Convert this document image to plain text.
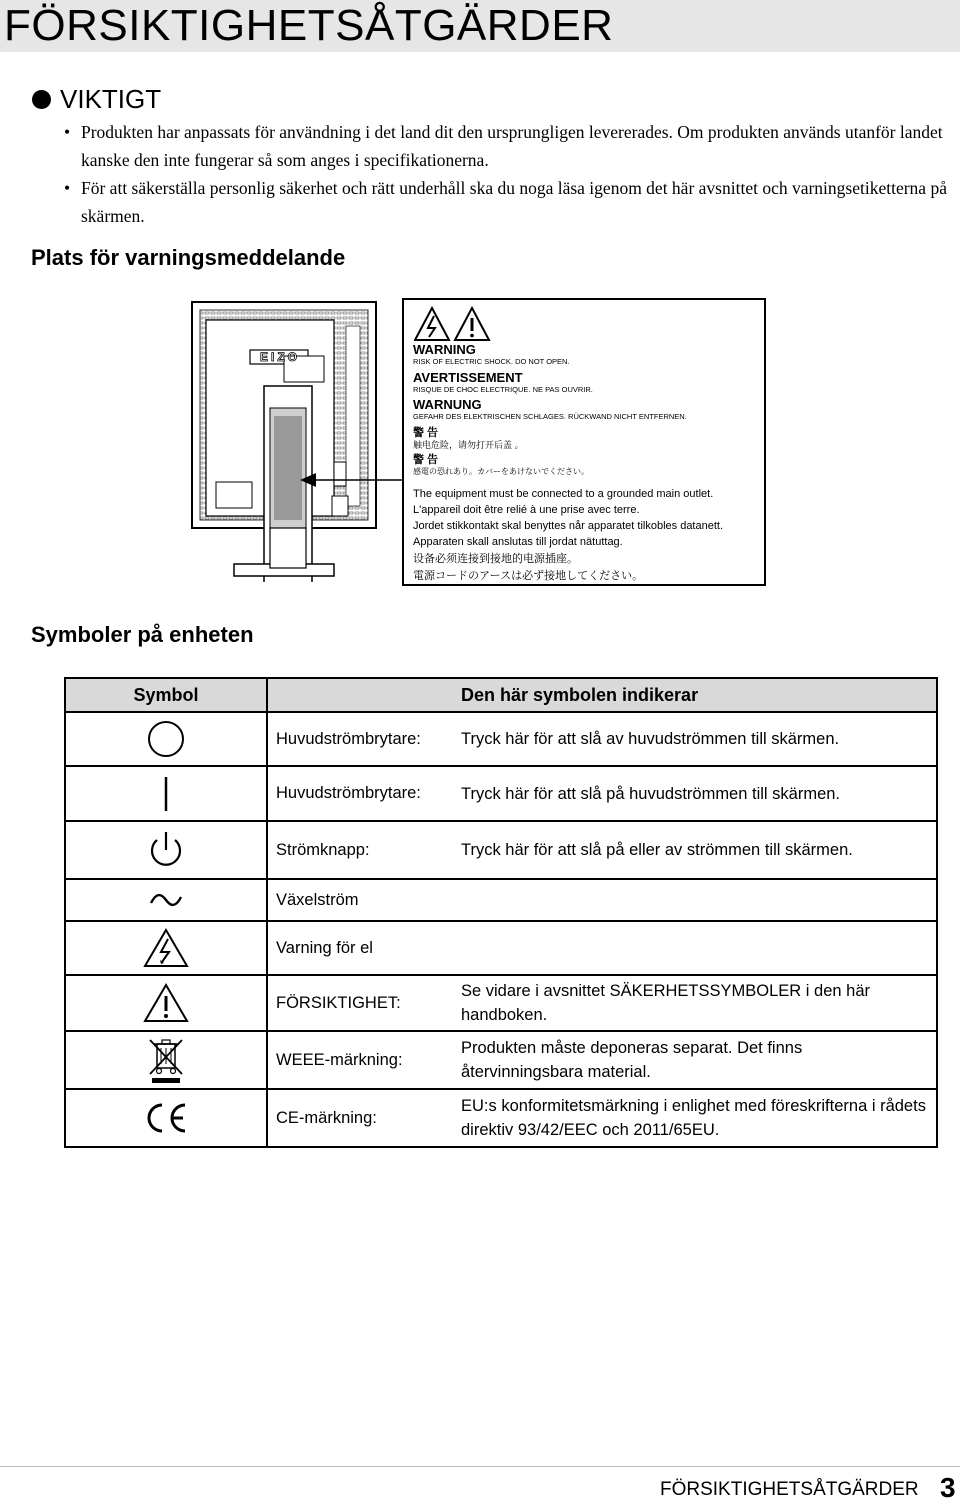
FÖRSIKTIGHETSÅTGÄRDER
VIKTIGT
• Produkten har anpassats för användning i det land dit den ursprungligen levererades. Om produkten används utanför landet kanske den inte fungerar så som anges i specifikationerna.
• För att säkerställa personlig säkerhet och rätt underhåll ska du noga läsa igenom det här avsnittet och varningsetiketterna på skärmen.
Plats för varningsmeddelande
EIZO	WARNING
RISK OF ELECTRIC SHOCK. DO NOT OPEN.
AVERTISSEMENT
RISQUE DE CHOC ELECTRIQUE. NE PAS OUVRIR.
WARNUNG
GEFAHR DES ELEKTRISCHEN SCHLAGES. RÜCKWAND NICHT ENTFERNEN.
警 告
触电危险，请勿打开后盖 。
警 告
感電の恐れあり。カバーをあけないでください。
The equipment must be connected to a grounded main outlet.
L'appareil doit être relié à une prise avec terre.
Jordet stikkontakt skal benyttes når apparatet tilkobles datanett.
Apparaten skall anslutas till jordat nätuttag.
设备必须连接到接地的电源插座。
電源コードのアースは必ず接地してください。
Symboler på enheten
Symbol	Den här symbolen indikerar

Huvudströmbrytare: Tryck här för att slå av huvudströmmen till skärmen.

Huvudströmbrytare: Tryck här för att slå på huvudströmmen till skärmen.

Strömknapp: Tryck här för att slå på eller av strömmen till skärmen.

Växelström

Varning för el

FÖRSIKTIGHET:
Se vidare i avsnittet SÄKERHETSSYMBOLER i den här handboken.

WEEE-märkning:
Produkten måste deponeras separat. Det finns återvinningsbara material.

CE-märkning:
EU:s konformitetsmärkning i enlighet med föreskrifterna i rådets direktiv 93/42/EEC och 2011/65EU.
FÖRSIKTIGHETSÅTGÄRDER 3
